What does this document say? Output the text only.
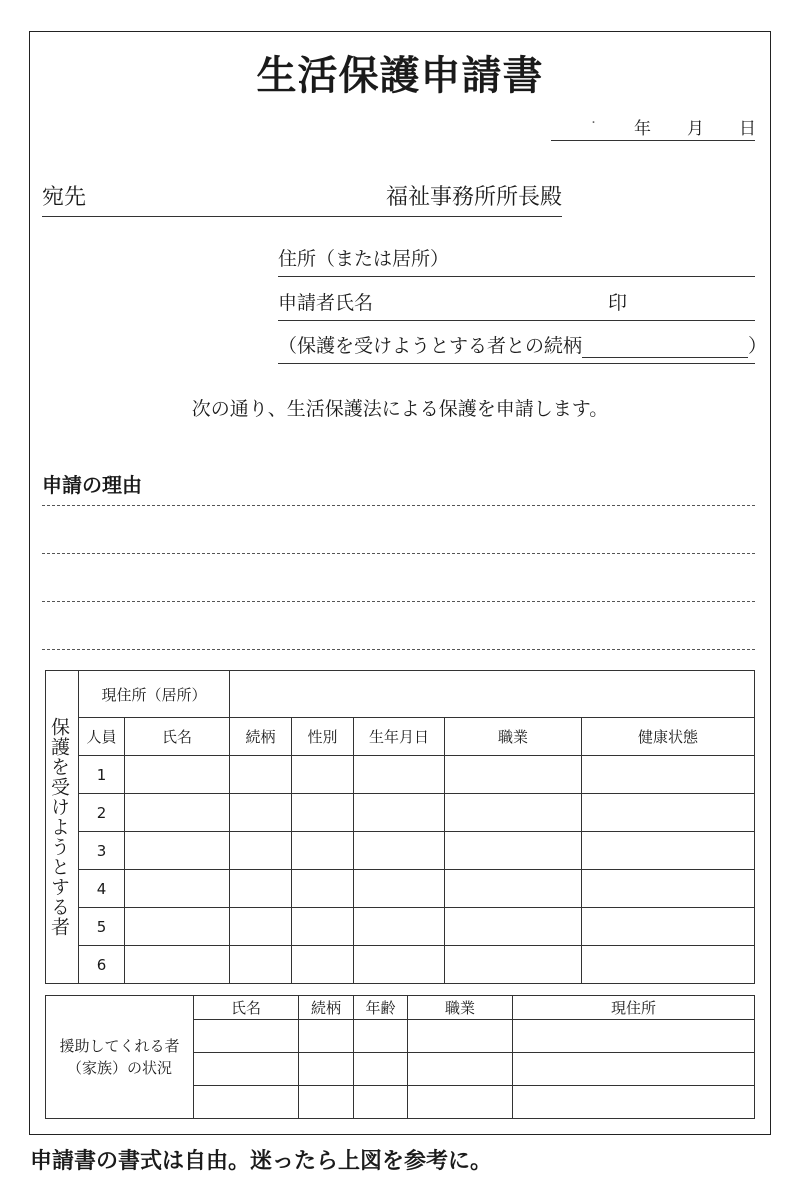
生活保護申請書
･ 年 月 日
宛先	福祉事務所所長殿
住所（または居所）
申請者氏名	印
（保護を受けようとする者との続柄	）
次の通り、生活保護法による保護を申請します。
申請の理由
保護を受けようとする者	現住所（居所）						
	人員	氏名	続柄	性別	生年月日	職業	健康状態
	1						
	2						
	3						
	4						
	5						
	6						
援助してくれる者
（家族）の状況	氏名	続柄	年齢	職業	現住所

申請書の書式は自由。迷ったら上図を参考に。
